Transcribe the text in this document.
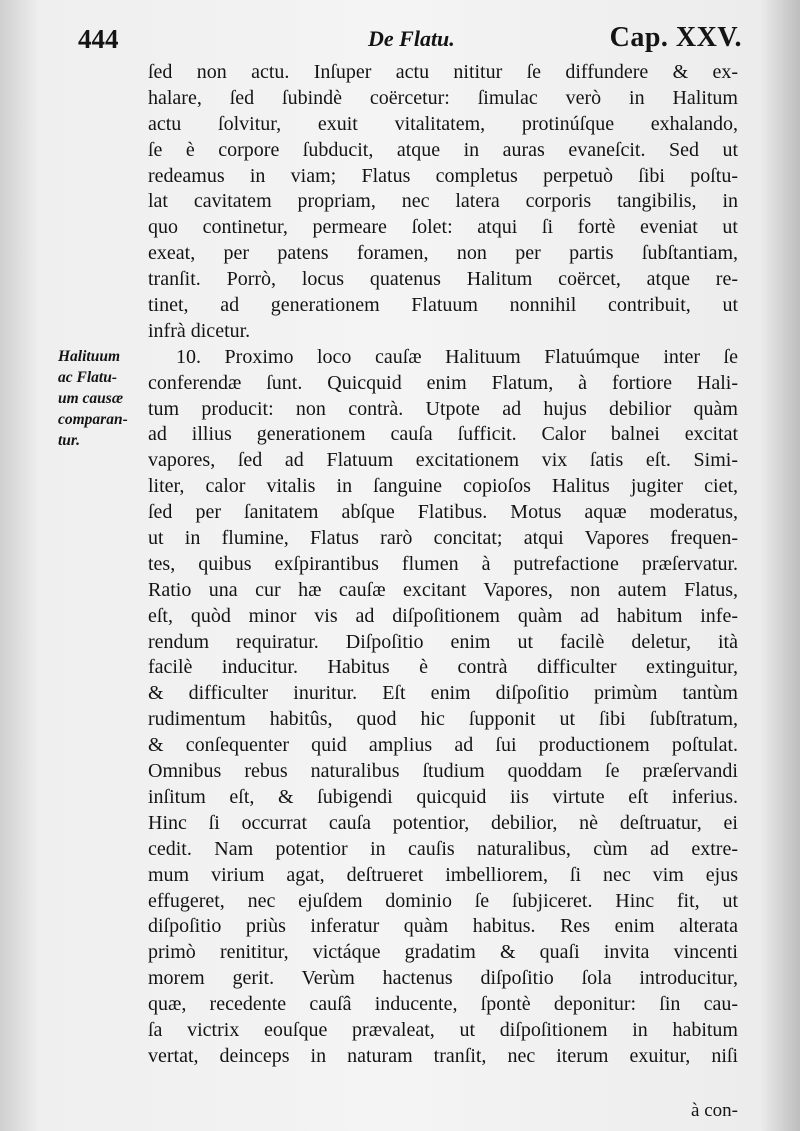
444	De Flatu.	Cap. XXV.
Halituum
ac Flatu-
um causæ
comparan-
tur.
ſed non actu. Inſuper actu nititur ſe diffundere & ex-
halare, ſed ſubindè coërcetur: ſimulac verò in Halitum
actu ſolvitur, exuit vitalitatem, protinúſque exhalando,
ſe è corpore ſubducit, atque in auras evaneſcit. Sed ut
redeamus in viam; Flatus completus perpetuò ſibi poſtu-
lat cavitatem propriam, nec latera corporis tangibilis, in
quo continetur, permeare ſolet: atqui ſi fortè eveniat ut
exeat, per patens foramen, non per partis ſubſtantiam,
tranſit. Porrò, locus quatenus Halitum coërcet, atque re-
tinet, ad generationem Flatuum nonnihil contribuit, ut
infrà dicetur.
10. Proximo loco cauſæ Halituum Flatuúmque inter ſe
conferendæ ſunt. Quicquid enim Flatum, à fortiore Hali-
tum producit: non contrà. Utpote ad hujus debilior quàm
ad illius generationem cauſa ſufficit. Calor balnei excitat
vapores, ſed ad Flatuum excitationem vix ſatis eſt. Simi-
liter, calor vitalis in ſanguine copioſos Halitus jugiter ciet,
ſed per ſanitatem abſque Flatibus. Motus aquæ moderatus,
ut in flumine, Flatus rarò concitat; atqui Vapores frequen-
tes, quibus exſpirantibus flumen à putrefactione præſervatur.
Ratio una cur hæ cauſæ excitant Vapores, non autem Flatus,
eſt, quòd minor vis ad diſpoſitionem quàm ad habitum infe-
rendum requiratur. Diſpoſitio enim ut facilè deletur, ità
facilè inducitur. Habitus è contrà difficulter extinguitur,
& difficulter inuritur. Eſt enim diſpoſitio primùm tantùm
rudimentum habitûs, quod hic ſupponit ut ſibi ſubſtratum,
& conſequenter quid amplius ad ſui productionem poſtulat.
Omnibus rebus naturalibus ſtudium quoddam ſe præſervandi
inſitum eſt, & ſubigendi quicquid iis virtute eſt inferius.
Hinc ſi occurrat cauſa potentior, debilior, nè deſtruatur, ei
cedit. Nam potentior in cauſis naturalibus, cùm ad extre-
mum virium agat, deſtrueret imbelliorem, ſi nec vim ejus
effugeret, nec ejuſdem dominio ſe ſubjiceret. Hinc fit, ut
diſpoſitio priùs inferatur quàm habitus. Res enim alterata
primò renititur, victáque gradatim & quaſi invita vincenti
morem gerit. Verùm hactenus diſpoſitio ſola introducitur,
quæ, recedente cauſâ inducente, ſpontè deponitur: ſin cau-
ſa victrix eouſque prævaleat, ut diſpoſitionem in habitum
vertat, deinceps in naturam tranſit, nec iterum exuitur, niſi
à con-
